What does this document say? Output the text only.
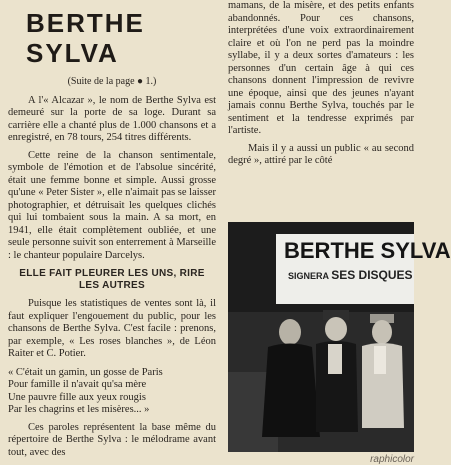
BERTHE SYLVA
(Suite de la page ● 1.)

A l'« Alcazar », le nom de Berthe Sylva est demeuré sur la porte de sa loge. Durant sa carrière elle a chanté plus de 1.000 chansons et a enregistré, en 78 tours, 254 titres différents.

Cette reine de la chanson sentimentale, symbole de l'émotion et de l'absolue sincérité, était une femme bonne et simple. Aussi grosse qu'une « Peter Sister », elle n'aimait pas se laisser photographier, et détruisait les quelques clichés qui lui tombaient sous la main. A sa mort, en 1941, elle était complètement oubliée, et une seule personne suivit son enterrement à Marseille : le chanteur populaire Darcelys.

ELLE FAIT PLEURER LES UNS, RIRE LES AUTRES

Puisque les statistiques de ventes sont là, il faut expliquer l'engouement du public, pour les chansons de Berthe Sylva. C'est facile : prenons, par exemple, « Les roses blanches », de Léon Raiter et C. Potier.

« C'était un gamin, un gosse de Paris
Pour famille il n'avait qu'sa mère
Une pauvre fille aux yeux rougis
Par les chagrins et les misères... »

Ces paroles représentent la base même du répertoire de Berthe Sylva : le mélodrame avant tout, avec des

mamans, de la misère, et des petits enfants abandonnés. Pour ces chansons, interprétées d'une voix extraordinairement claire et où l'on ne perd pas la moindre syllabe, il y a deux sortes d'amateurs : les personnes d'un certain âge à qui ces chansons donnent l'impression de revivre une époque, ainsi que des jeunes n'ayant jamais connu Berthe Sylva, touchés par le sentiment et la tendresse exprimés par l'artiste.

Mais il y a aussi un public « au second degré », attiré par le côté

BERTHE SYLVA
SIGNERA SES DISQUES
raphicolor
